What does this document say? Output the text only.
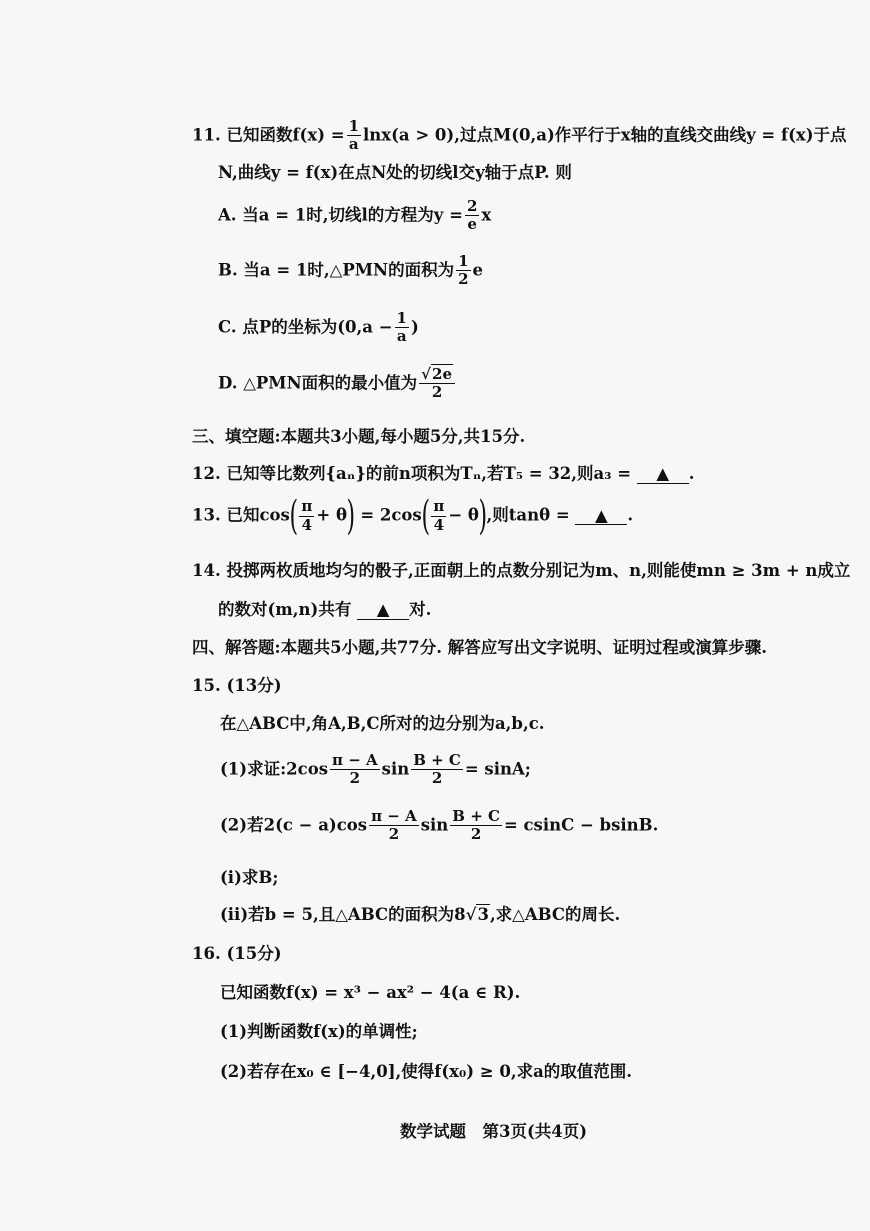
11. 已知函数$f(x) = \frac{1}{a} \ln x(a > 0)$,过点M(0,a)作平行于x轴的直线交曲线y = f(x)于点
N,曲线y = f(x)在点N处的切线l交y轴于点P. 则
A. 当a = 1时,切线l的方程为$y = \frac{2}{e}$ x
B. 当a = 1时,△PMN的面积为 $\frac{1}{2}$ e
C. 点P的坐标为($0,a - \frac{1}{a}$ )
D. △PMN面积的最小值为 $\frac{√2e}{2}$
三、填空题:本题共3小题,每小题5分,共15分.
12. 已知等比数列{aₙ}的前n项积为Tₙ,若T₅ = 32,则a₃ = ▲ .
13. 已知$\cos( \frac{\pi}{4} + \theta) = 2\cos( \frac{\pi}{4} - \theta)$,则tanθ = ▲ .
14. 投掷两枚质地均匀的骰子,正面朝上的点数分别记为m、n,则能使mn ≥ 3m + n成立
的数对(m,n)共有 ▲ 对.
四、解答题:本题共5小题,共77分. 解答应写出文字说明、证明过程或演算步骤.
15. (13分)
在△ABC中,角A,B,C所对的边分别为a,b,c.
(1)求证:2cos $\frac{\pi - A}{2}$ $\sin \frac{B + C}{2} = \sin A$;
(2)若$2(c - a)\cos \frac{\pi - A}{2}$ $\sin \frac{B + C}{2} = csinC - bsinB$.
(ⅰ)求B;
(ⅱ)若b = 5,且△ABC的面积为8√3,求△ABC的周长.
16. (15分)
已知函数f(x) = x³ − ax² − 4(a ∈ R).
(1)判断函数f(x)的单调性;
(2)若存在x₀ ∈ [−4,0],使得f(x₀) ≥ 0,求a的取值范围.
数学试题　第3页(共4页)
